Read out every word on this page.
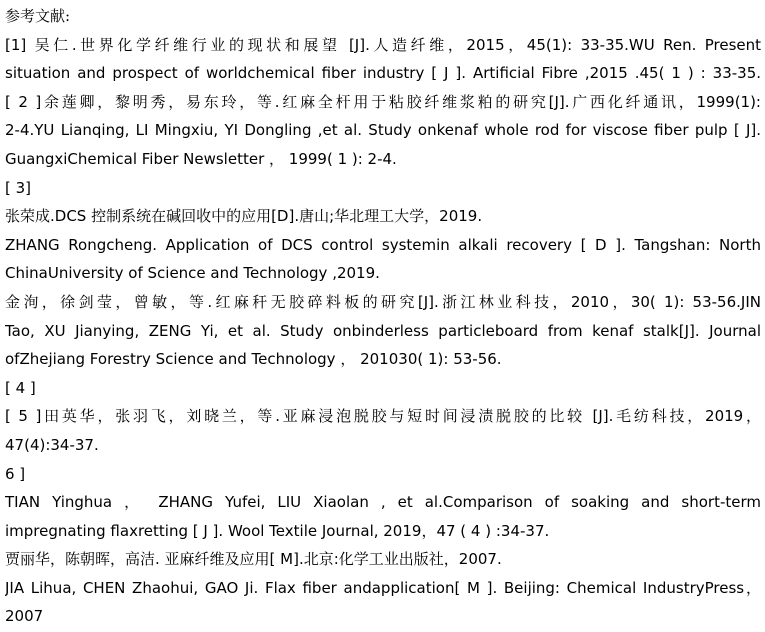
参考文献:
[1] 吴仁.世界化学纤维行业的现状和展望 [J].人造纤维，2015，45(1): 33-35.WU Ren. Present
situation and prospect of worldchemical fiber industry [ J ]. Artificial Fibre ,2015 .45( 1 ) : 33-35.
[ 2 ]余莲卿，黎明秀，易东玲，等.红麻全杆用于粘胶纤维浆粕的研究[J].广西化纤通讯，1999(1):
2-4.YU Lianqing, LI Mingxiu, YI Dongling ,et al. Study onkenaf whole rod for viscose fiber pulp [ J].
GuangxiChemical Fiber Newsletter ， 1999( 1 ): 2-4.
[ 3]
张荣成.DCS 控制系统在碱回收中的应用[D].唐山;华北理工大学，2019.
ZHANG Rongcheng. Application of DCS control systemin alkali recovery [ D ]. Tangshan: North
ChinaUniversity of Science and Technology ,2019.
金洵，徐剑莹，曾敏，等.红麻秆无胶碎料板的研究[J].浙江林业科技，2010，30( 1): 53-56.JIN
Tao, XU Jianying, ZENG Yi, et al. Study onbinderless particleboard from kenaf stalk[J]. Journal
ofZhejiang Forestry Science and Technology ， 201030( 1): 53-56.
[ 4 ]
[ 5 ]田英华，张羽飞，刘晓兰，等.亚麻浸泡脱胶与短时间浸渍脱胶的比较 [J].毛纺科技，2019，
47(4):34-37.
6 ]
TIAN Yinghua ， ZHANG Yufei, LIU Xiaolan , et al.Comparison of soaking and short-term
impregnating flaxretting [ J ]. Wool Textile Journal, 2019，47 ( 4 ) :34-37.
贾丽华，陈朝晖，高洁. 亚麻纤维及应用[ M].北京:化学工业出版社，2007.
JIA Lihua, CHEN Zhaohui, GAO Ji. Flax fiber andapplication[ M ]. Beijing: Chemical IndustryPress，
2007
